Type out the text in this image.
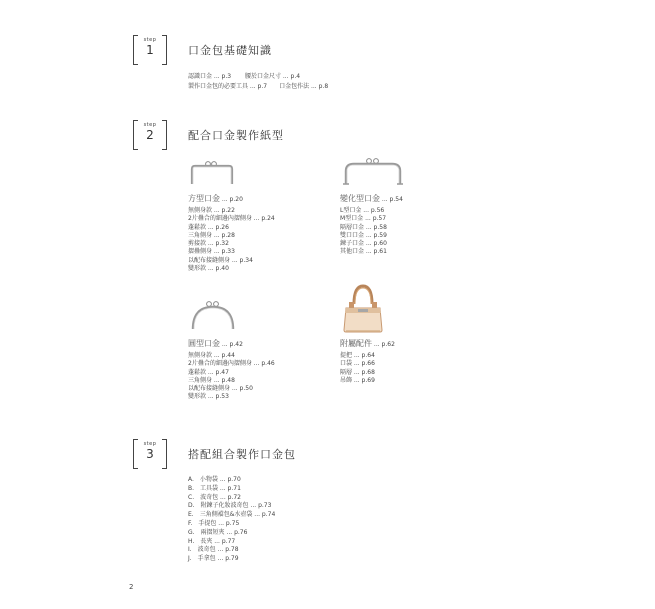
step
1	口金包基礎知識
認識口金 ... p.3　　 腰於口金尺寸 ... p.4
製作口金包的必要工具 ... p.7　　口金包作法 ... p.8
step
2	配合口金製作紙型
方型口金 ... p.20
無側身款 ... p.22
2片疊合的細邊內摺側身 ... p.24
蓬鬆款 ... p.26
三角側身 ... p.28
剪接款 ... p.32
摺疊側身 ... p.33
以配布接縫側身 ... p.34
變形款 ... p.40
變化型口金 ... p.54
L型口金 ... p.56
M型口金 ... p.57
隔層口金 ... p.58
雙口口金 ... p.59
鍊子口金 ... p.60
其他口金 ... p.61
圓型口金 ... p.42
無側身款 ... p.44
2片疊合的細邊內摺側身 ... p.46
蓬鬆款 ... p.47
三角側身 ... p.48
以配布接縫側身 ... p.50
變形款 ... p.53
附屬配件 ... p.62
提把 ... p.64
口袋 ... p.66
隔層 ... p.68
吊飾 ... p.69
step
3	搭配組合製作口金包
A.　小物袋 ... p.70
B.　工具袋 ... p.71
C.　波奇包 ... p.72
D.　附鍊子化妝波奇包 ... p.73
E.　三角側襠包&水壺袋 ... p.74
F.　手提包 ... p.75
G.　兩摺短夾 ... p.76
H.　長夾 ... p.77
I.　波奇包 ... p.78
J.　手拿包 ... p.79
2
